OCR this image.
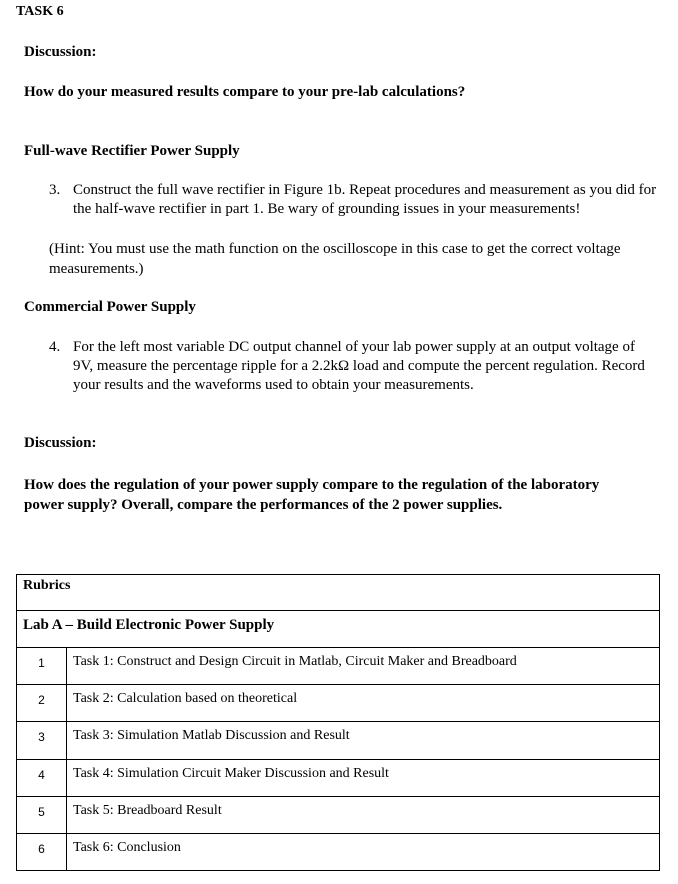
TASK 6
Discussion:
How do your measured results compare to your pre-lab calculations?
Full-wave Rectifier Power Supply
3. Construct the full wave rectifier in Figure 1b. Repeat procedures and measurement as you did for the half-wave rectifier in part 1. Be wary of grounding issues in your measurements!
(Hint: You must use the math function on the oscilloscope in this case to get the correct voltage measurements.)
Commercial Power Supply
4. For the left most variable DC output channel of your lab power supply at an output voltage of 9V, measure the percentage ripple for a 2.2kΩ load and compute the percent regulation. Record your results and the waveforms used to obtain your measurements.
Discussion:
How does the regulation of your power supply compare to the regulation of the laboratory power supply? Overall, compare the performances of the 2 power supplies.
Rubrics	
Lab A – Build Electronic Power Supply	
1	Task 1: Construct and Design Circuit in Matlab, Circuit Maker and Breadboard
2	Task 2: Calculation based on theoretical
3	Task 3: Simulation Matlab Discussion and Result
4	Task 4: Simulation Circuit Maker Discussion and Result
5	Task 5: Breadboard Result
6	Task 6: Conclusion
